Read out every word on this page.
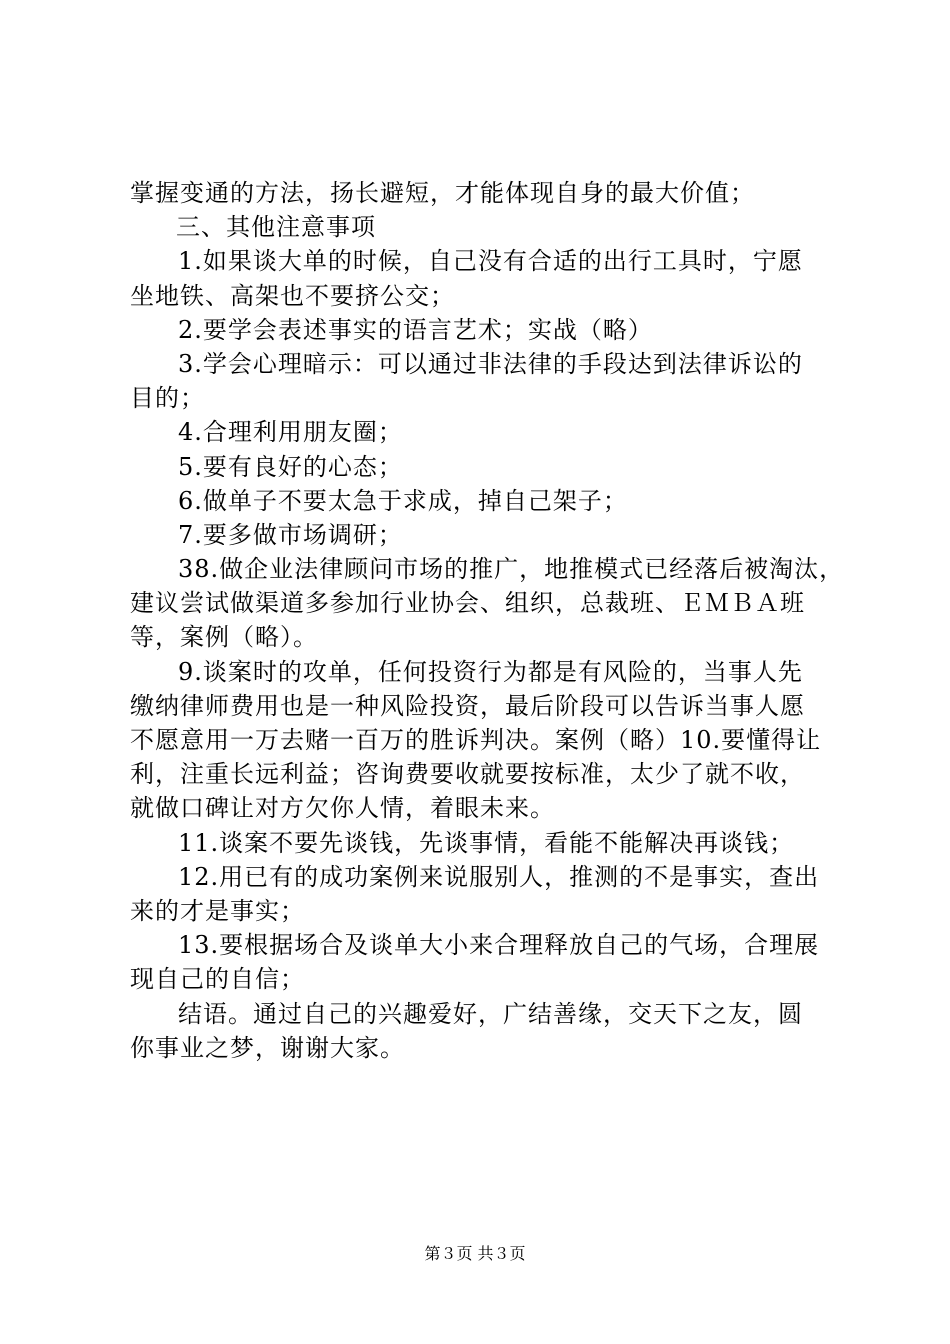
掌握变通的方法，扬长避短，才能体现自身的最大价值；
三、其他注意事项
1.如果谈大单的时候，自己没有合适的出行工具时，宁愿
坐地铁、高架也不要挤公交；
2.要学会表述事实的语言艺术；实战（略）
3.学会心理暗示：可以通过非法律的手段达到法律诉讼的
目的；
4.合理利用朋友圈；
5.要有良好的心态；
6.做单子不要太急于求成，掉自己架子；
7.要多做市场调研；
38.做企业法律顾问市场的推广，地推模式已经落后被淘汰，
建议尝试做渠道多参加行业协会、组织，总裁班、ＥＭＢＡ班
等，案例（略）。
9.谈案时的攻单，任何投资行为都是有风险的，当事人先
缴纳律师费用也是一种风险投资，最后阶段可以告诉当事人愿
不愿意用一万去赌一百万的胜诉判决。案例（略）10.要懂得让
利，注重长远利益；咨询费要收就要按标准，太少了就不收，
就做口碑让对方欠你人情，着眼未来。
11.谈案不要先谈钱，先谈事情，看能不能解决再谈钱；
12.用已有的成功案例来说服别人，推测的不是事实，查出
来的才是事实；
13.要根据场合及谈单大小来合理释放自己的气场，合理展
现自己的自信；
结语。通过自己的兴趣爱好，广结善缘，交天下之友，圆
你事业之梦，谢谢大家。
第３页 共３页
